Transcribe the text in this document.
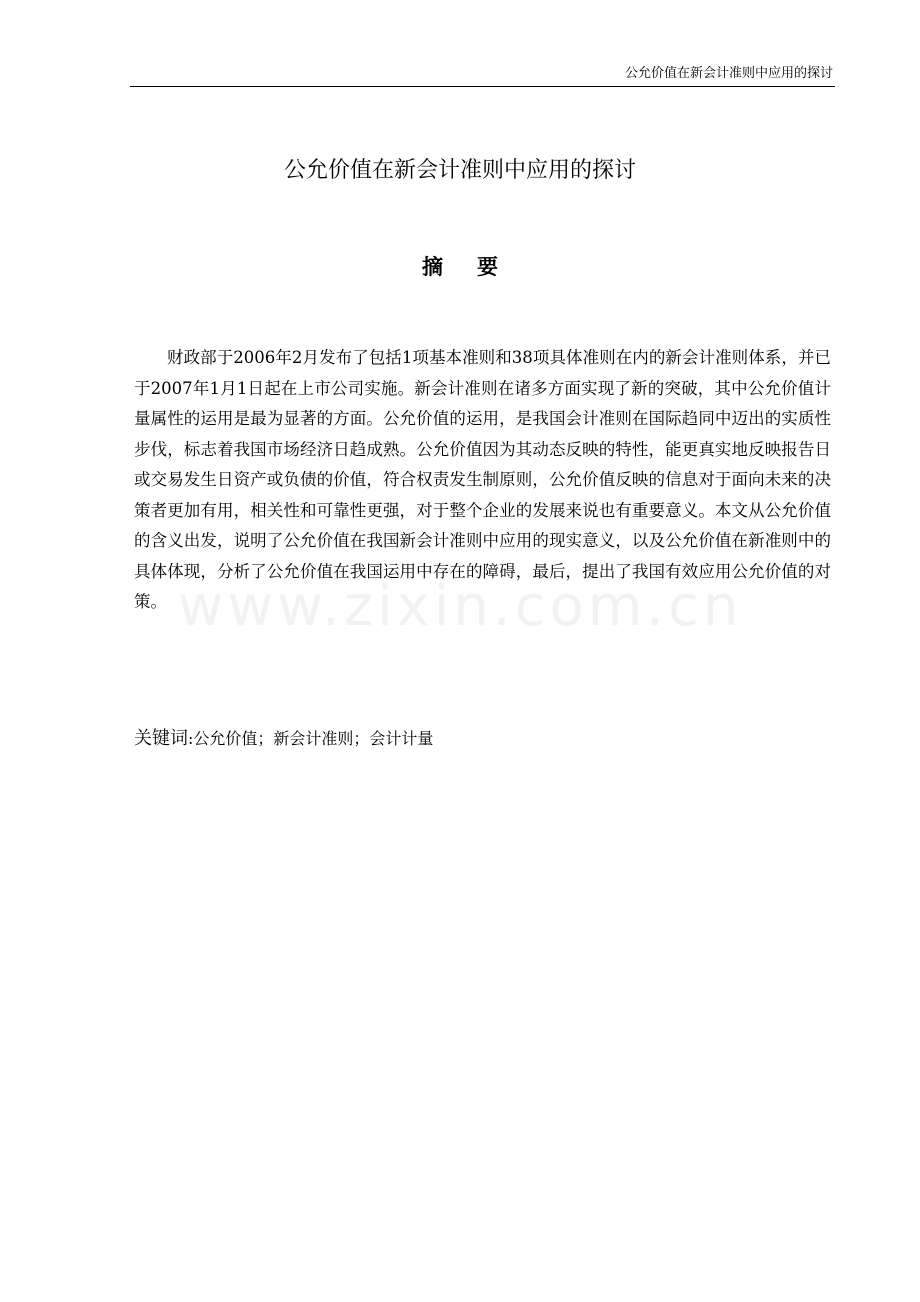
www.zixin.com.cn
公允价值在新会计准则中应用的探讨
公允价值在新会计准则中应用的探讨
摘要

财政部于2006年2月发布了包括1项基本准则和38项具体准则在内的新会计准则体系，并已于2007年1月1日起在上市公司实施。新会计准则在诸多方面实现了新的突破，其中公允价值计量属性的运用是最为显著的方面。公允价值的运用，是我国会计准则在国际趋同中迈出的实质性步伐，标志着我国市场经济日趋成熟。公允价值因为其动态反映的特性，能更真实地反映报告日或交易发生日资产或负债的价值，符合权责发生制原则，公允价值反映的信息对于面向未来的决策者更加有用，相关性和可靠性更强，对于整个企业的发展来说也有重要意义。本文从公允价值的含义出发，说明了公允价值在我国新会计准则中应用的现实意义，以及公允价值在新准则中的具体体现，分析了公允价值在我国运用中存在的障碍，最后，提出了我国有效应用公允价值的对策。

关键词:公允价值；新会计准则；会计计量
